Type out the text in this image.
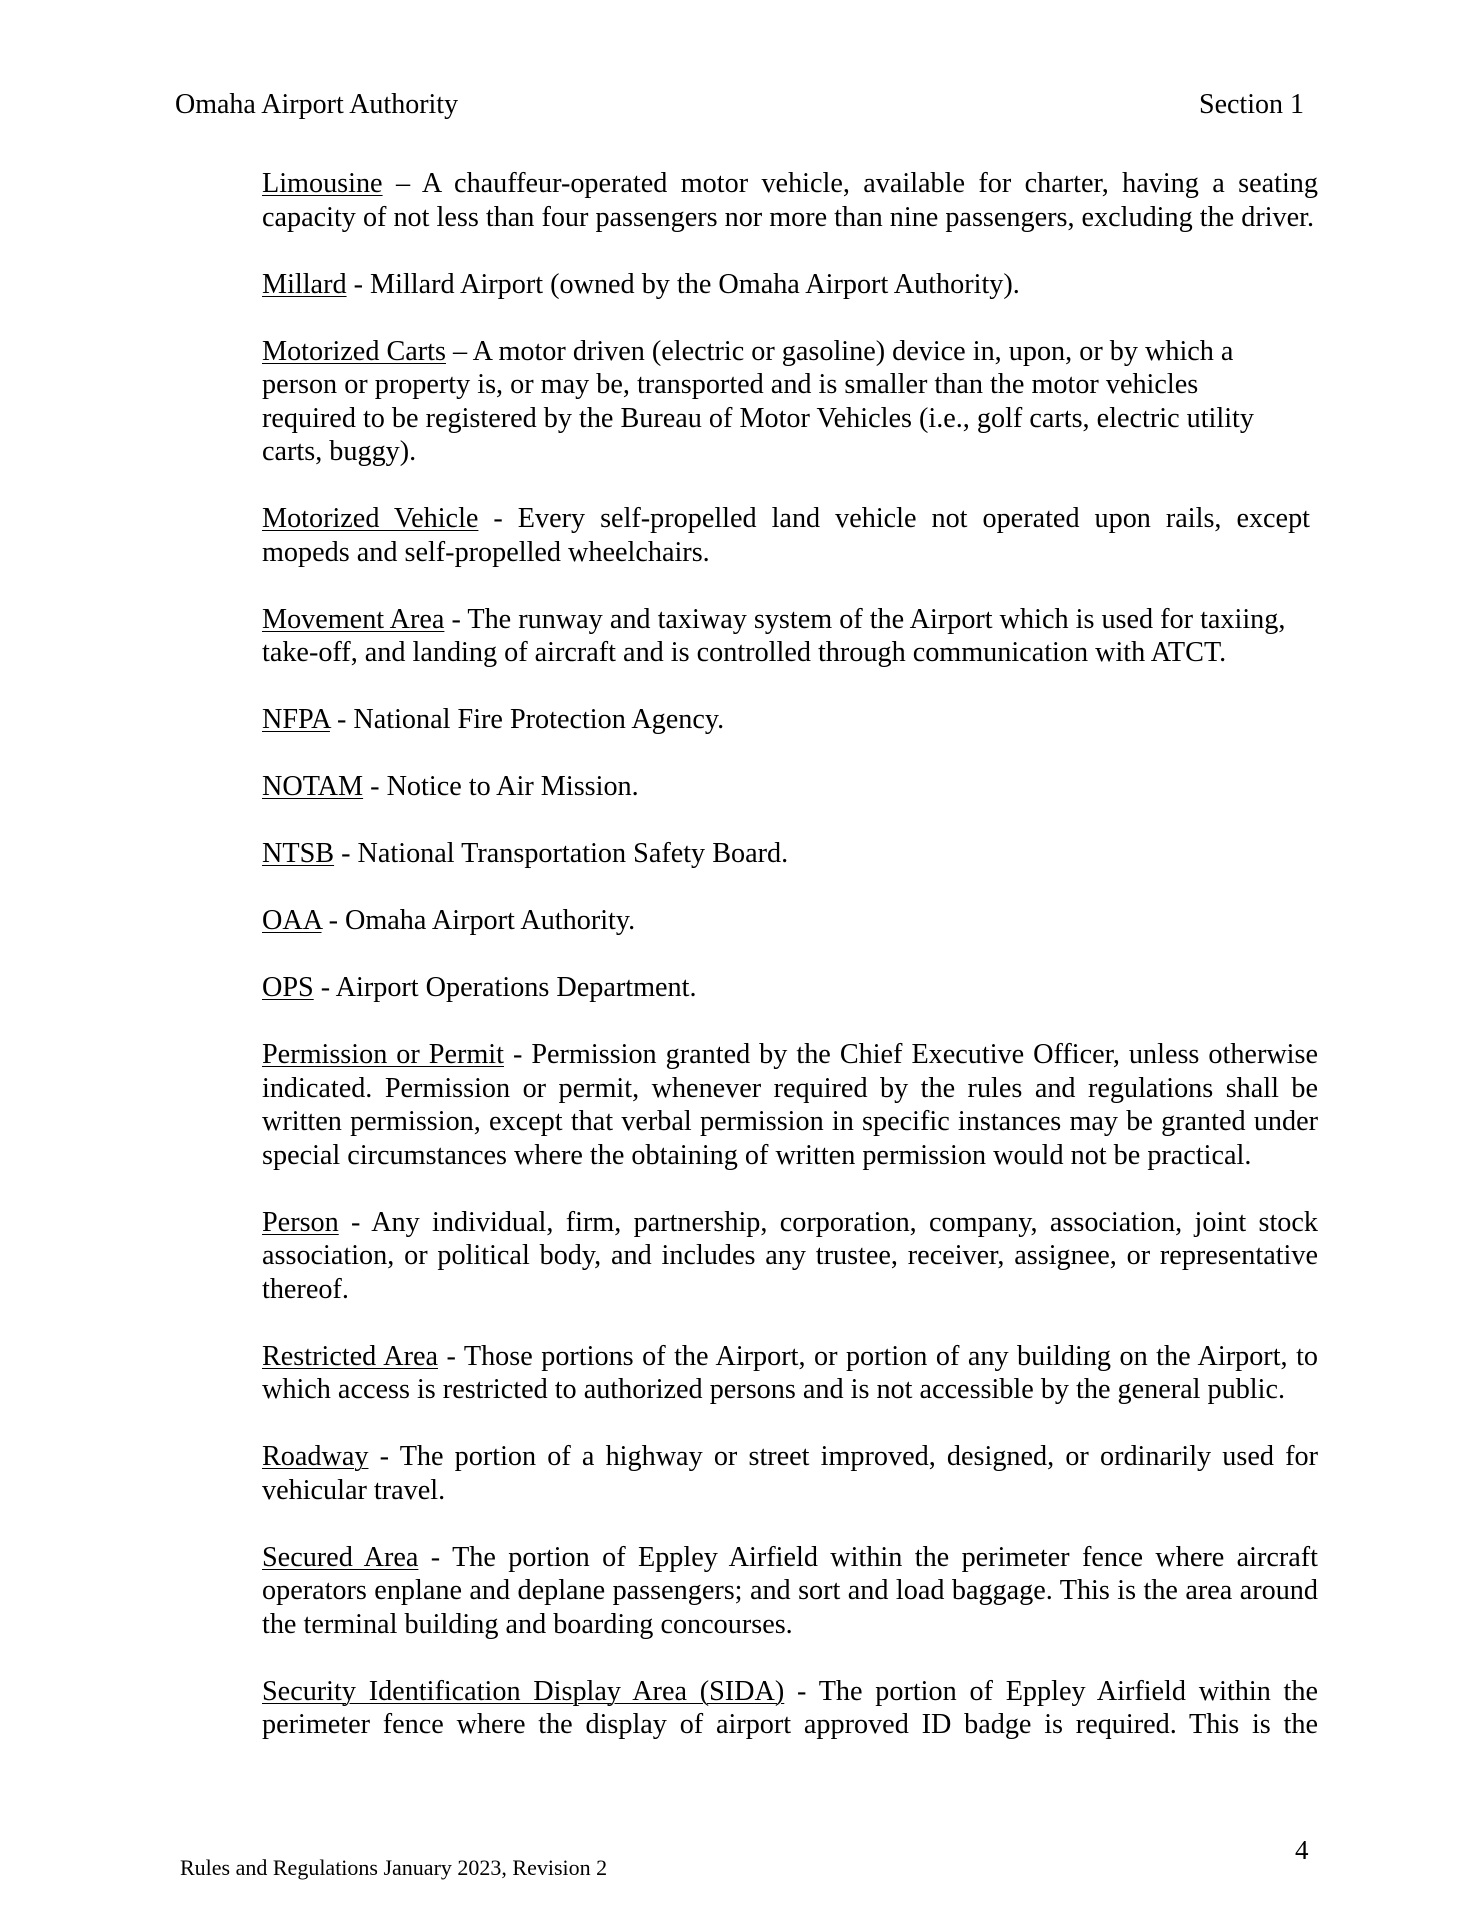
Omaha Airport Authority	Section 1

Limousine – A chauffeur-operated motor vehicle, available for charter, having a seating capacity of not less than four passengers nor more than nine passengers, excluding the driver.

Millard - Millard Airport (owned by the Omaha Airport Authority).

Motorized Carts – A motor driven (electric or gasoline) device in, upon, or by which a person or property is, or may be, transported and is smaller than the motor vehicles required to be registered by the Bureau of Motor Vehicles (i.e., golf carts, electric utility carts, buggy).

Motorized Vehicle - Every self-propelled land vehicle not operated upon rails, except mopeds and self-propelled wheelchairs.

Movement Area - The runway and taxiway system of the Airport which is used for taxiing, take-off, and landing of aircraft and is controlled through communication with ATCT.

NFPA - National Fire Protection Agency.

NOTAM - Notice to Air Mission.

NTSB - National Transportation Safety Board.

OAA - Omaha Airport Authority.

OPS - Airport Operations Department.

Permission or Permit - Permission granted by the Chief Executive Officer, unless otherwise indicated. Permission or permit, whenever required by the rules and regulations shall be written permission, except that verbal permission in specific instances may be granted under special circumstances where the obtaining of written permission would not be practical.

Person - Any individual, firm, partnership, corporation, company, association, joint stock association, or political body, and includes any trustee, receiver, assignee, or representative thereof.

Restricted Area - Those portions of the Airport, or portion of any building on the Airport, to which access is restricted to authorized persons and is not accessible by the general public.

Roadway - The portion of a highway or street improved, designed, or ordinarily used for vehicular travel.

Secured Area - The portion of Eppley Airfield within the perimeter fence where aircraft operators enplane and deplane passengers; and sort and load baggage. This is the area around the terminal building and boarding concourses.

Security Identification Display Area (SIDA) - The portion of Eppley Airfield within the perimeter fence where the display of airport approved ID badge is required. This is the

4
Rules and Regulations January 2023, Revision 2
